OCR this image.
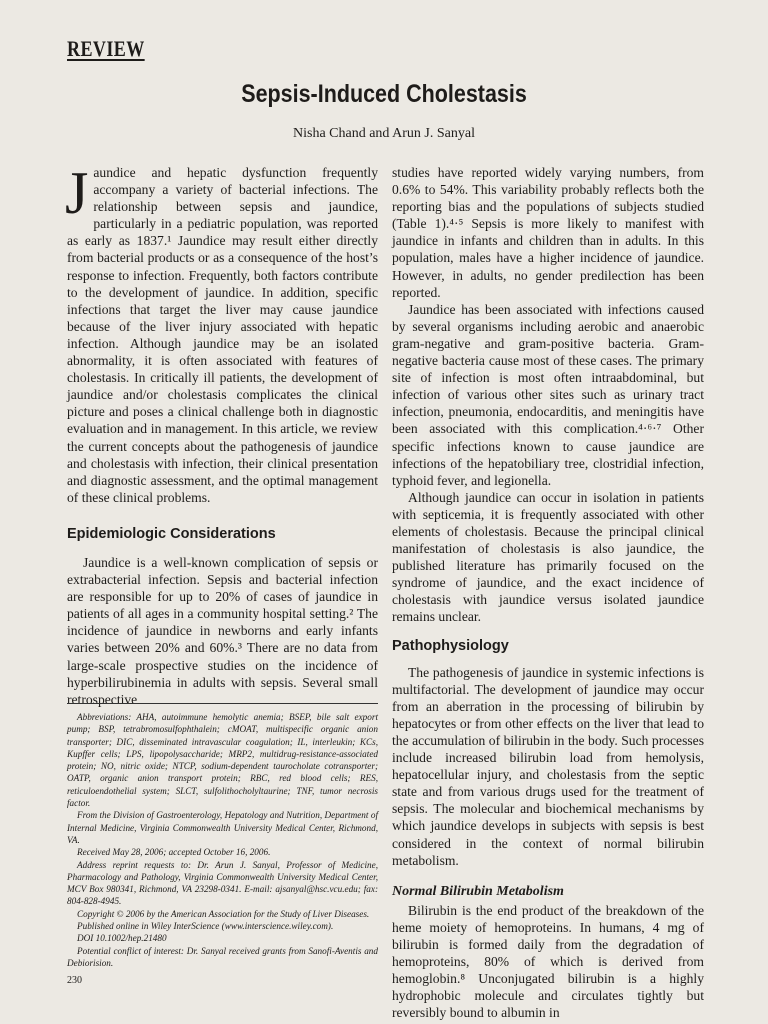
REVIEW
Sepsis-Induced Cholestasis
Nisha Chand and Arun J. Sanyal

Jaundice and hepatic dysfunction frequently accompany a variety of bacterial infections. The relationship between sepsis and jaundice, particularly in a pediatric population, was reported as early as 1837.¹ Jaundice may result either directly from bacterial products or as a consequence of the host’s response to infection. Frequently, both factors contribute to the development of jaundice. In addition, specific infections that target the liver may cause jaundice because of the liver injury associated with hepatic infection. Although jaundice may be an isolated abnormality, it is often associated with features of cholestasis. In critically ill patients, the development of jaundice and/or cholestasis complicates the clinical picture and poses a clinical challenge both in diagnostic evaluation and in management. In this article, we review the current concepts about the pathogenesis of jaundice and cholestasis with infection, their clinical presentation and diagnostic assessment, and the optimal management of these clinical problems.

Epidemiologic Considerations

Jaundice is a well-known complication of sepsis or extrabacterial infection. Sepsis and bacterial infection are responsible for up to 20% of cases of jaundice in patients of all ages in a community hospital setting.² The incidence of jaundice in newborns and early infants varies between 20% and 60%.³ There are no data from large-scale prospective studies on the incidence of hyperbilirubinemia in adults with sepsis. Several small retrospective

Abbreviations: AHA, autoimmune hemolytic anemia; BSEP, bile salt export pump; BSP, tetrabromosulfophthalein; cMOAT, multispecific organic anion transporter; DIC, disseminated intravascular coagulation; IL, interleukin; KCs, Kupffer cells; LPS, lipopolysaccharide; MRP2, multidrug-resistance-associated protein; NO, nitric oxide; NTCP, sodium-dependent taurocholate cotransporter; OATP, organic anion transport protein; RBC, red blood cells; RES, reticuloendothelial system; SLCT, sulfolithocholyltaurine; TNF, tumor necrosis factor.

From the Division of Gastroenterology, Hepatology and Nutrition, Department of Internal Medicine, Virginia Commonwealth University Medical Center, Richmond, VA.

Received May 28, 2006; accepted October 16, 2006.

Address reprint requests to: Dr. Arun J. Sanyal, Professor of Medicine, Pharmacology and Pathology, Virginia Commonwealth University Medical Center, MCV Box 980341, Richmond, VA 23298-0341. E-mail: ajsanyal@hsc.vcu.edu; fax: 804-828-4945.

Copyright © 2006 by the American Association for the Study of Liver Diseases.

Published online in Wiley InterScience (www.interscience.wiley.com).

DOI 10.1002/hep.21480

Potential conflict of interest: Dr. Sanyal received grants from Sanofi-Aventis and Debiorision.

studies have reported widely varying numbers, from 0.6% to 54%. This variability probably reflects both the reporting bias and the populations of subjects studied (Table 1).⁴·⁵ Sepsis is more likely to manifest with jaundice in infants and children than in adults. In this population, males have a higher incidence of jaundice. However, in adults, no gender predilection has been reported.

Jaundice has been associated with infections caused by several organisms including aerobic and anaerobic gram-negative and gram-positive bacteria. Gram-negative bacteria cause most of these cases. The primary site of infection is most often intraabdominal, but infection of various other sites such as urinary tract infection, pneumonia, endocarditis, and meningitis have been associated with this complication.⁴·⁶·⁷ Other specific infections known to cause jaundice are infections of the hepatobiliary tree, clostridial infection, typhoid fever, and legionella.

Although jaundice can occur in isolation in patients with septicemia, it is frequently associated with other elements of cholestasis. Because the principal clinical manifestation of cholestasis is also jaundice, the published literature has primarily focused on the syndrome of jaundice, and the exact incidence of cholestasis with jaundice versus isolated jaundice remains unclear.

Pathophysiology

The pathogenesis of jaundice in systemic infections is multifactorial. The development of jaundice may occur from an aberration in the processing of bilirubin by hepatocytes or from other effects on the liver that lead to the accumulation of bilirubin in the body. Such processes include increased bilirubin load from hemolysis, hepatocellular injury, and cholestasis from the septic state and from various drugs used for the treatment of sepsis. The molecular and biochemical mechanisms by which jaundice develops in subjects with sepsis is best considered in the context of normal bilirubin metabolism.

Normal Bilirubin Metabolism

Bilirubin is the end product of the breakdown of the heme moiety of hemoproteins. In humans, 4 mg of bilirubin is formed daily from the degradation of hemoproteins, 80% of which is derived from hemoglobin.⁸ Unconjugated bilirubin is a highly hydrophobic molecule and circulates tightly but reversibly bound to albumin in

230
